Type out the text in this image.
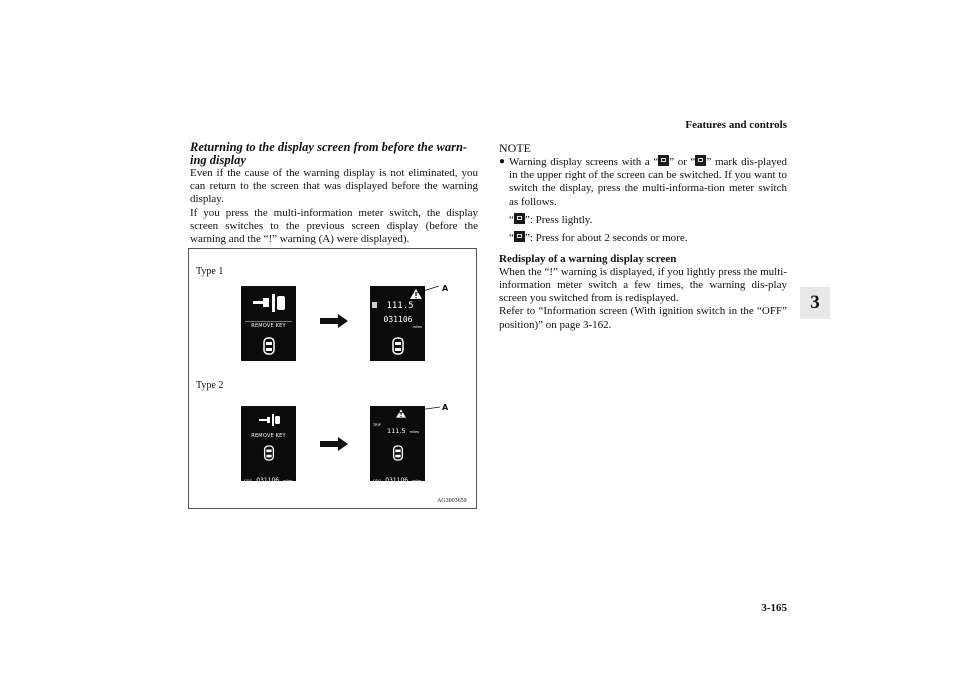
Features and controls
3-165
3

Returning to the display screen from before the warn-ing display

Even if the cause of the warning display is not eliminated, you can return to the screen that was displayed before the warning display.

If you press the multi-information meter switch, the display screen switches to the previous screen display (before the warning and the “!” warning (A) were displayed).

Type 1
Type 2
REMOVE KEY
111.5
031106
miles
A
REMOVE KEY
ODO 031106 miles
TRIP
111.5 miles
ODO 031106 miles
A
AG3003659

NOTE

● Warning display screens with a “ ” or “ ” mark dis-played in the upper right of the screen can be switched. If you want to switch the display, press the multi-informa-tion meter switch as follows.

“ ”: Press lightly.
“ ”: Press for about 2 seconds or more.

Redisplay of a warning display screen

When the “!” warning is displayed, if you lightly press the multi-information meter switch a few times, the warning dis-play screen you switched from is redisplayed.

Refer to “Information screen (With ignition switch in the “OFF” position)” on page 3-162.
